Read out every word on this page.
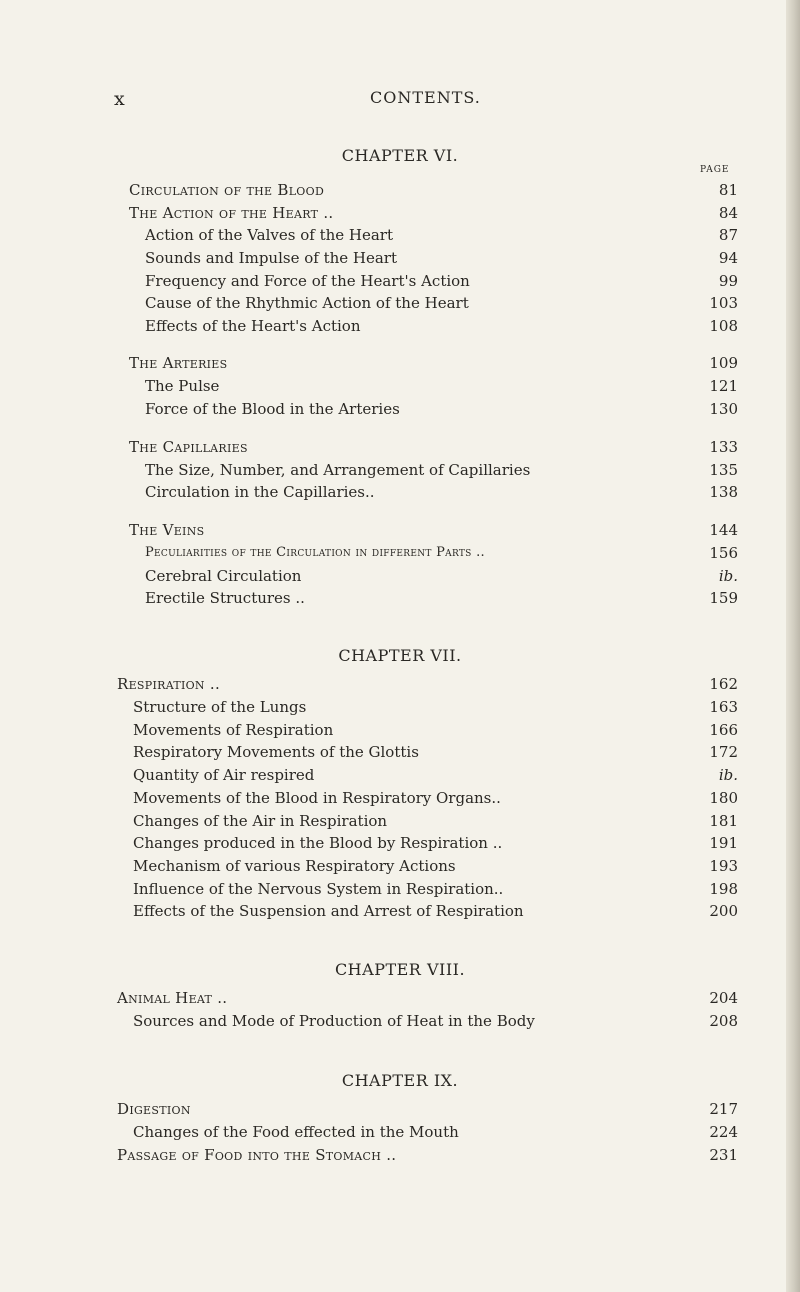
x	CONTENTS.
CHAPTER VI.
PAGE
Circulation of the Blood	81
The Action of the Heart ..	84
Action of the Valves of the Heart	87
Sounds and Impulse of the Heart	94
Frequency and Force of the Heart's Action	99
Cause of the Rhythmic Action of the Heart	103
Effects of the Heart's Action	108
The Arteries	109
The Pulse	121
Force of the Blood in the Arteries	130
The Capillaries	133
The Size, Number, and Arrangement of Capillaries	135
Circulation in the Capillaries..	138
The Veins	144
Peculiarities of the Circulation in different Parts ..	156
Cerebral Circulation	ib.
Erectile Structures ..	159
CHAPTER VII.
Respiration ..	162
Structure of the Lungs	163
Movements of Respiration	166
Respiratory Movements of the Glottis	172
Quantity of Air respired	ib.
Movements of the Blood in Respiratory Organs..	180
Changes of the Air in Respiration	181
Changes produced in the Blood by Respiration ..	191
Mechanism of various Respiratory Actions	193
Influence of the Nervous System in Respiration..	198
Effects of the Suspension and Arrest of Respiration	200
CHAPTER VIII.
Animal Heat ..	204
Sources and Mode of Production of Heat in the Body	208
CHAPTER IX.
Digestion	217
Changes of the Food effected in the Mouth	224
Passage of Food into the Stomach ..	231
